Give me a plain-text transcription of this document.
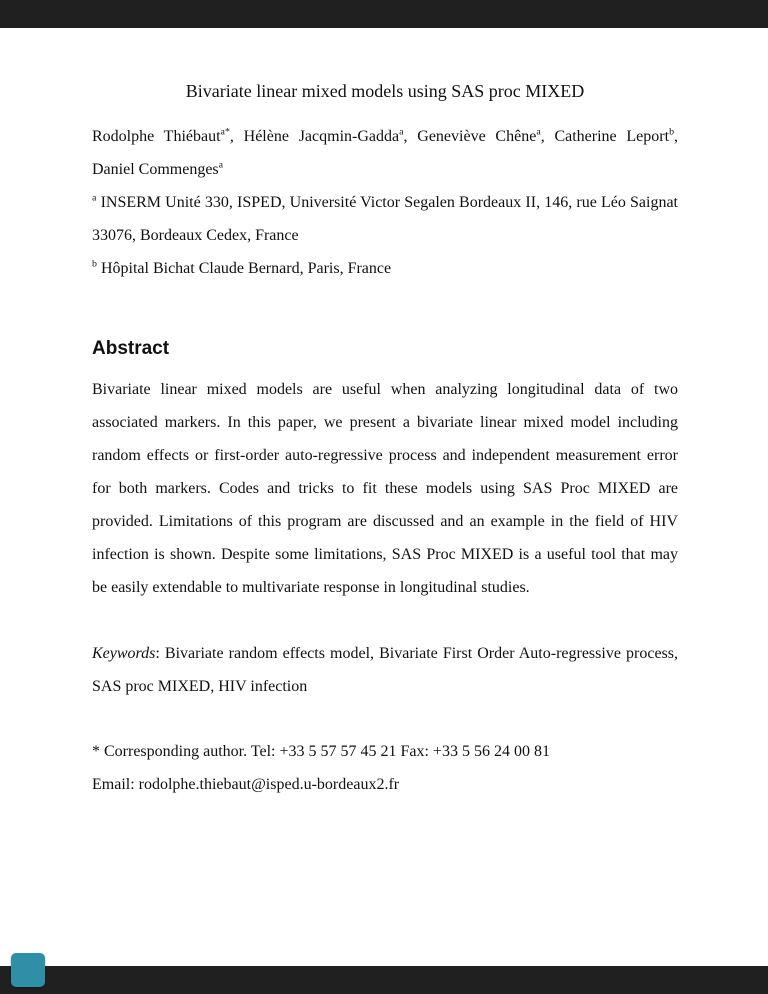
Bivariate linear mixed models using SAS proc MIXED

Rodolphe Thiébaut$^{a*}$, Hélène Jacqmin-Gadda$^a$, Geneviève Chêne$^a$, Catherine Leport$^b$, Daniel Commenges$^a$

$^a$ INSERM Unité 330, ISPED, Université Victor Segalen Bordeaux II, 146, rue Léo Saignat 33076, Bordeaux Cedex, France

$^b$ Hôpital Bichat Claude Bernard, Paris, France

Abstract

Bivariate linear mixed models are useful when analyzing longitudinal data of two associated markers. In this paper, we present a bivariate linear mixed model including random effects or first-order auto-regressive process and independent measurement error for both markers. Codes and tricks to fit these models using SAS Proc MIXED are provided. Limitations of this program are discussed and an example in the field of HIV infection is shown. Despite some limitations, SAS Proc MIXED is a useful tool that may be easily extendable to multivariate response in longitudinal studies.

Keywords: Bivariate random effects model, Bivariate First Order Auto-regressive process, SAS proc MIXED, HIV infection

* Corresponding author. Tel: +33 5 57 57 45 21 Fax: +33 5 56 24 00 81

Email: rodolphe.thiebaut@isped.u-bordeaux2.fr
